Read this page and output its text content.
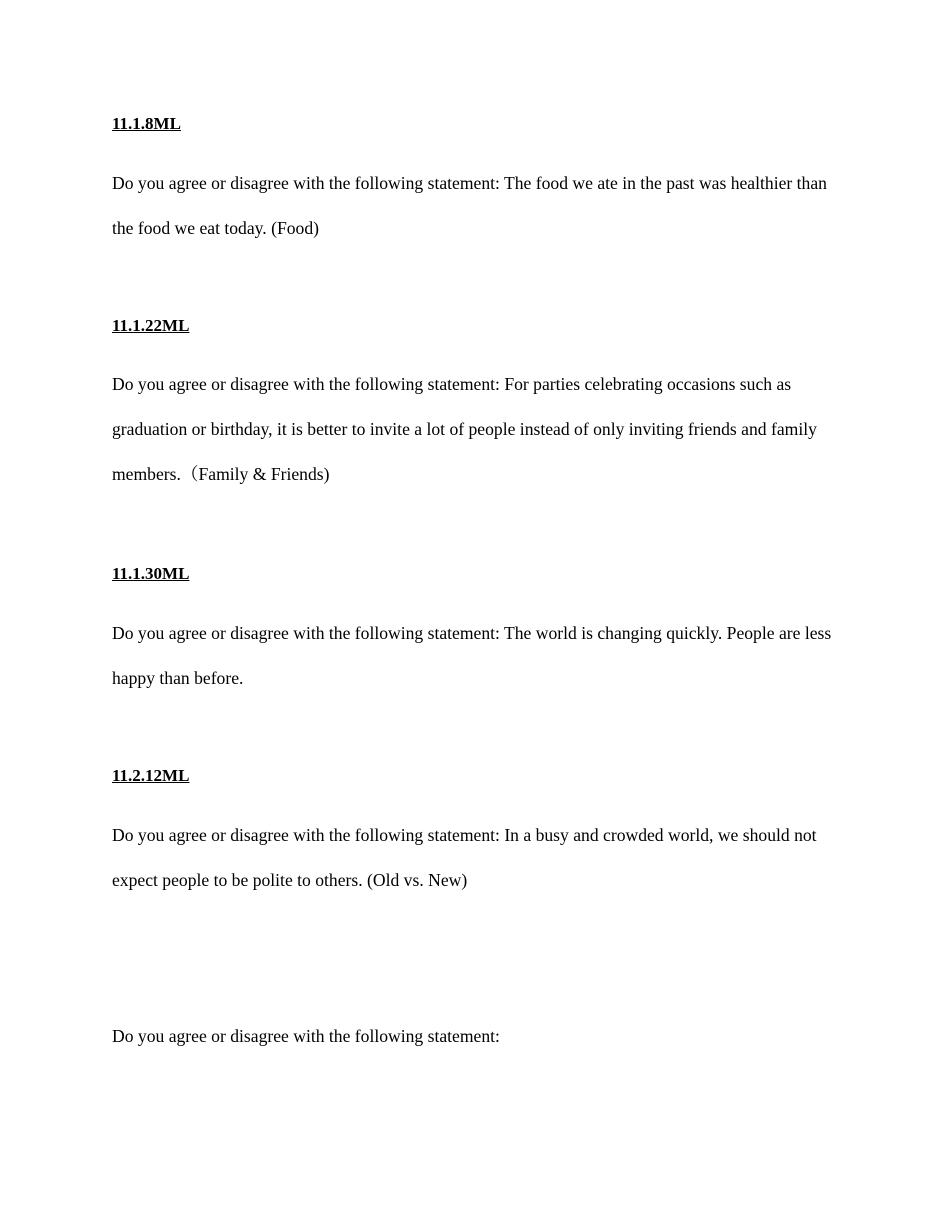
11.1.8ML

Do you agree or disagree with the following statement: The food we ate in the past was healthier than the food we eat today. (Food)

11.1.22ML

Do you agree or disagree with the following statement: For parties celebrating occasions such as graduation or birthday, it is better to invite a lot of people instead of only inviting friends and family members.（Family & Friends)

11.1.30ML

Do you agree or disagree with the following statement: The world is changing quickly. People are less happy than before.

11.2.12ML

Do you agree or disagree with the following statement: In a busy and crowded world, we should not expect people to be polite to others. (Old vs. New)

Do you agree or disagree with the following statement:
